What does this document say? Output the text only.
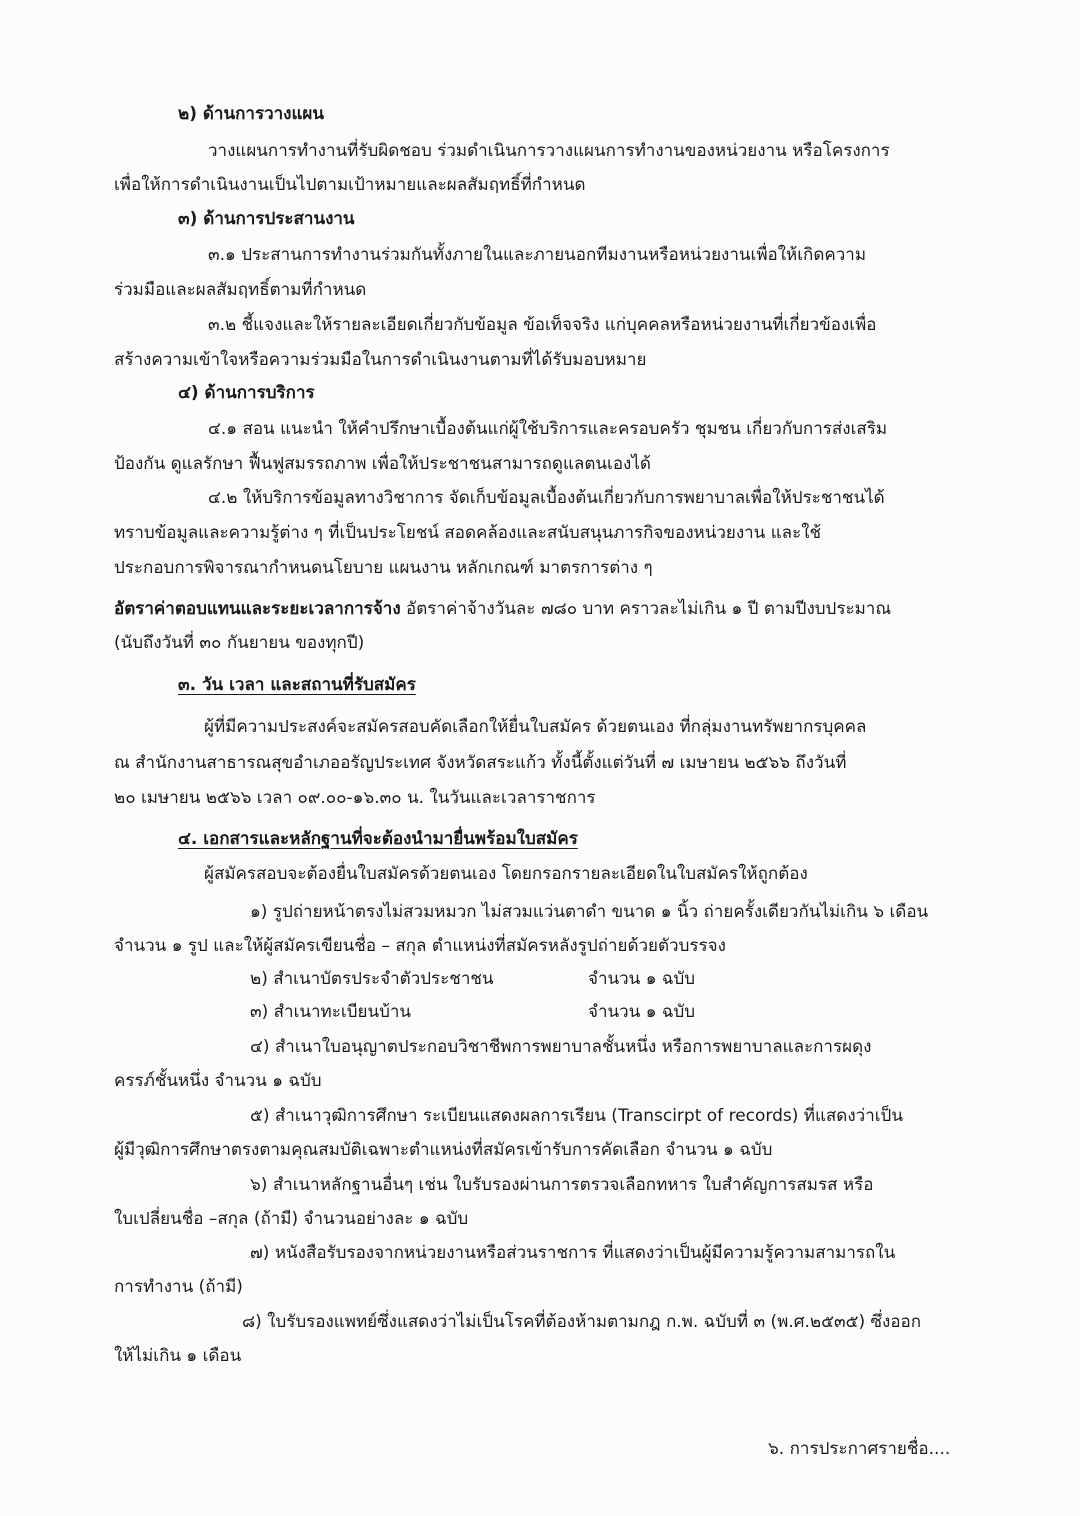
๒) ด้านการวางแผน

วางแผนการทำงานที่รับผิดชอบ ร่วมดำเนินการวางแผนการทำงานของหน่วยงาน หรือโครงการ

เพื่อให้การดำเนินงานเป็นไปตามเป้าหมายและผลสัมฤทธิ์ที่กำหนด

๓) ด้านการประสานงาน

๓.๑ ประสานการทำงานร่วมกันทั้งภายในและภายนอกทีมงานหรือหน่วยงานเพื่อให้เกิดความ

ร่วมมือและผลสัมฤทธิ์ตามที่กำหนด

๓.๒ ชี้แจงและให้รายละเอียดเกี่ยวกับข้อมูล ข้อเท็จจริง แก่บุคคลหรือหน่วยงานที่เกี่ยวข้องเพื่อ

สร้างความเข้าใจหรือความร่วมมือในการดำเนินงานตามที่ได้รับมอบหมาย

๔) ด้านการบริการ

๔.๑ สอน แนะนำ ให้คำปรึกษาเบื้องต้นแก่ผู้ใช้บริการและครอบครัว ชุมชน เกี่ยวกับการส่งเสริม

ป้องกัน ดูแลรักษา ฟื้นฟูสมรรถภาพ เพื่อให้ประชาชนสามารถดูแลตนเองได้

๔.๒ ให้บริการข้อมูลทางวิชาการ จัดเก็บข้อมูลเบื้องต้นเกี่ยวกับการพยาบาลเพื่อให้ประชาชนได้

ทราบข้อมูลและความรู้ต่าง ๆ ที่เป็นประโยชน์ สอดคล้องและสนับสนุนภารกิจของหน่วยงาน และใช้

ประกอบการพิจารณากำหนดนโยบาย แผนงาน หลักเกณฑ์ มาตรการต่าง ๆ

อัตราค่าตอบแทนและระยะเวลาการจ้าง อัตราค่าจ้างวันละ ๗๘๐ บาท คราวละไม่เกิน ๑ ปี ตามปีงบประมาณ

(นับถึงวันที่ ๓๐ กันยายน ของทุกปี)

๓. วัน เวลา และสถานที่รับสมัคร

ผู้ที่มีความประสงค์จะสมัครสอบคัดเลือกให้ยื่นใบสมัคร ด้วยตนเอง ที่กลุ่มงานทรัพยากรบุคคล

ณ สำนักงานสาธารณสุขอำเภออรัญประเทศ จังหวัดสระแก้ว ทั้งนี้ตั้งแต่วันที่ ๗ เมษายน ๒๕๖๖ ถึงวันที่

๒๐ เมษายน ๒๕๖๖ เวลา ๐๙.๐๐-๑๖.๓๐ น. ในวันและเวลาราชการ

๔. เอกสารและหลักฐานที่จะต้องนำมายื่นพร้อมใบสมัคร

ผู้สมัครสอบจะต้องยื่นใบสมัครด้วยตนเอง โดยกรอกรายละเอียดในใบสมัครให้ถูกต้อง

๑) รูปถ่ายหน้าตรงไม่สวมหมวก ไม่สวมแว่นตาดำ ขนาด ๑ นิ้ว ถ่ายครั้งเดียวกันไม่เกิน ๖ เดือน

จำนวน ๑ รูป และให้ผู้สมัครเขียนชื่อ – สกุล ตำแหน่งที่สมัครหลังรูปถ่ายด้วยตัวบรรจง

๒) สำเนาบัตรประจำตัวประชาชน	จำนวน ๑ ฉบับ

๓) สำเนาทะเบียนบ้าน	จำนวน ๑ ฉบับ

๔) สำเนาใบอนุญาตประกอบวิชาชีพการพยาบาลชั้นหนึ่ง หรือการพยาบาลและการผดุง

ครรภ์ชั้นหนึ่ง จำนวน ๑ ฉบับ

๕) สำเนาวุฒิการศึกษา ระเบียนแสดงผลการเรียน (Transcirpt of records) ที่แสดงว่าเป็น

ผู้มีวุฒิการศึกษาตรงตามคุณสมบัติเฉพาะตำแหน่งที่สมัครเข้ารับการคัดเลือก จำนวน ๑ ฉบับ

๖) สำเนาหลักฐานอื่นๆ เช่น ใบรับรองผ่านการตรวจเลือกทหาร ใบสำคัญการสมรส หรือ

ใบเปลี่ยนชื่อ –สกุล (ถ้ามี) จำนวนอย่างละ ๑ ฉบับ

๗) หนังสือรับรองจากหน่วยงานหรือส่วนราชการ ที่แสดงว่าเป็นผู้มีความรู้ความสามารถใน

การทำงาน (ถ้ามี)

๘) ใบรับรองแพทย์ซึ่งแสดงว่าไม่เป็นโรคที่ต้องห้ามตามกฎ ก.พ. ฉบับที่ ๓ (พ.ศ.๒๕๓๕) ซึ่งออก

ให้ไม่เกิน ๑ เดือน

๖. การประกาศรายชื่อ....
